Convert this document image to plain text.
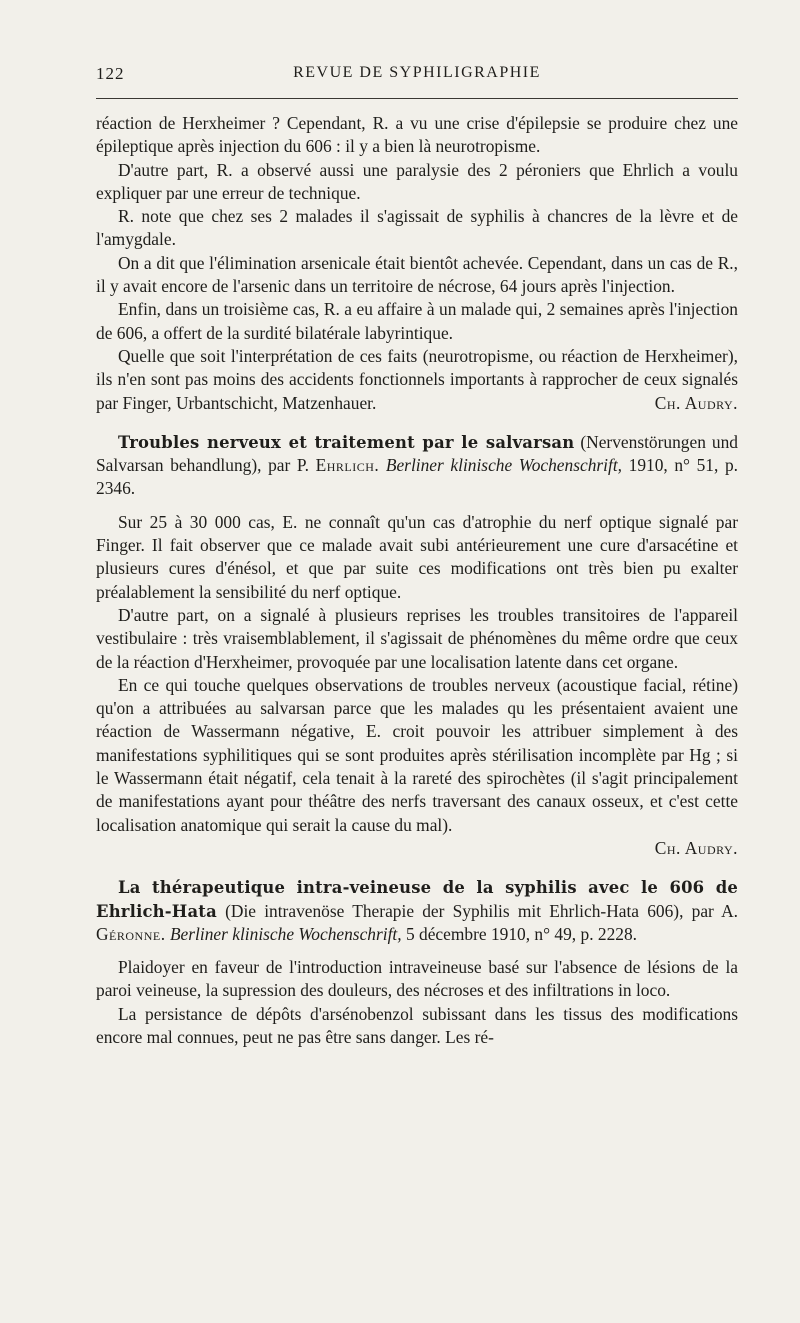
122	REVUE DE SYPHILIGRAPHIE

réaction de Herxheimer ? Cependant, R. a vu une crise d'épilepsie se produire chez une épileptique après injection du 606 : il y a bien là neurotropisme.

D'autre part, R. a observé aussi une paralysie des 2 péroniers que Ehrlich a voulu expliquer par une erreur de technique.

R. note que chez ses 2 malades il s'agissait de syphilis à chancres de la lèvre et de l'amygdale.

On a dit que l'élimination arsenicale était bientôt achevée. Cependant, dans un cas de R., il y avait encore de l'arsenic dans un territoire de nécrose, 64 jours après l'injection.

Enfin, dans un troisième cas, R. a eu affaire à un malade qui, 2 semaines après l'injection de 606, a offert de la surdité bilatérale labyrintique.

Quelle que soit l'interprétation de ces faits (neurotropisme, ou réaction de Herxheimer), ils n'en sont pas moins des accidents fonctionnels importants à rapprocher de ceux signalés par Finger, Urbantschicht, Matzenhauer.	Ch. Audry.

Troubles nerveux et traitement par le salvarsan (Nervenstörungen und Salvarsan behandlung), par P. Ehrlich. Berliner klinische Wochenschrift, 1910, n° 51, p. 2346.

Sur 25 à 30 000 cas, E. ne connaît qu'un cas d'atrophie du nerf optique signalé par Finger. Il fait observer que ce malade avait subi antérieurement une cure d'arsacétine et plusieurs cures d'énésol, et que par suite ces modifications ont très bien pu exalter préalablement la sensibilité du nerf optique.

D'autre part, on a signalé à plusieurs reprises les troubles transitoires de l'appareil vestibulaire : très vraisemblablement, il s'agissait de phénomènes du même ordre que ceux de la réaction d'Herxheimer, provoquée par une localisation latente dans cet organe.

En ce qui touche quelques observations de troubles nerveux (acoustique facial, rétine) qu'on a attribuées au salvarsan parce que les malades qu les présentaient avaient une réaction de Wassermann négative, E. croit pouvoir les attribuer simplement à des manifestations syphilitiques qui se sont produites après stérilisation incomplète par Hg ; si le Wassermann était négatif, cela tenait à la rareté des spirochètes (il s'agit principalement de manifestations ayant pour théâtre des nerfs traversant des canaux osseux, et c'est cette localisation anatomique qui serait la cause du mal).

Ch. Audry.

La thérapeutique intra-veineuse de la syphilis avec le 606 de Ehrlich-Hata (Die intravenöse Therapie der Syphilis mit Ehrlich-Hata 606), par A. Géronne. Berliner klinische Wochenschrift, 5 décembre 1910, n° 49, p. 2228.

Plaidoyer en faveur de l'introduction intraveineuse basé sur l'absence de lésions de la paroi veineuse, la supression des douleurs, des nécroses et des infiltrations in loco.

La persistance de dépôts d'arsénobenzol subissant dans les tissus des modifications encore mal connues, peut ne pas être sans danger. Les ré-
